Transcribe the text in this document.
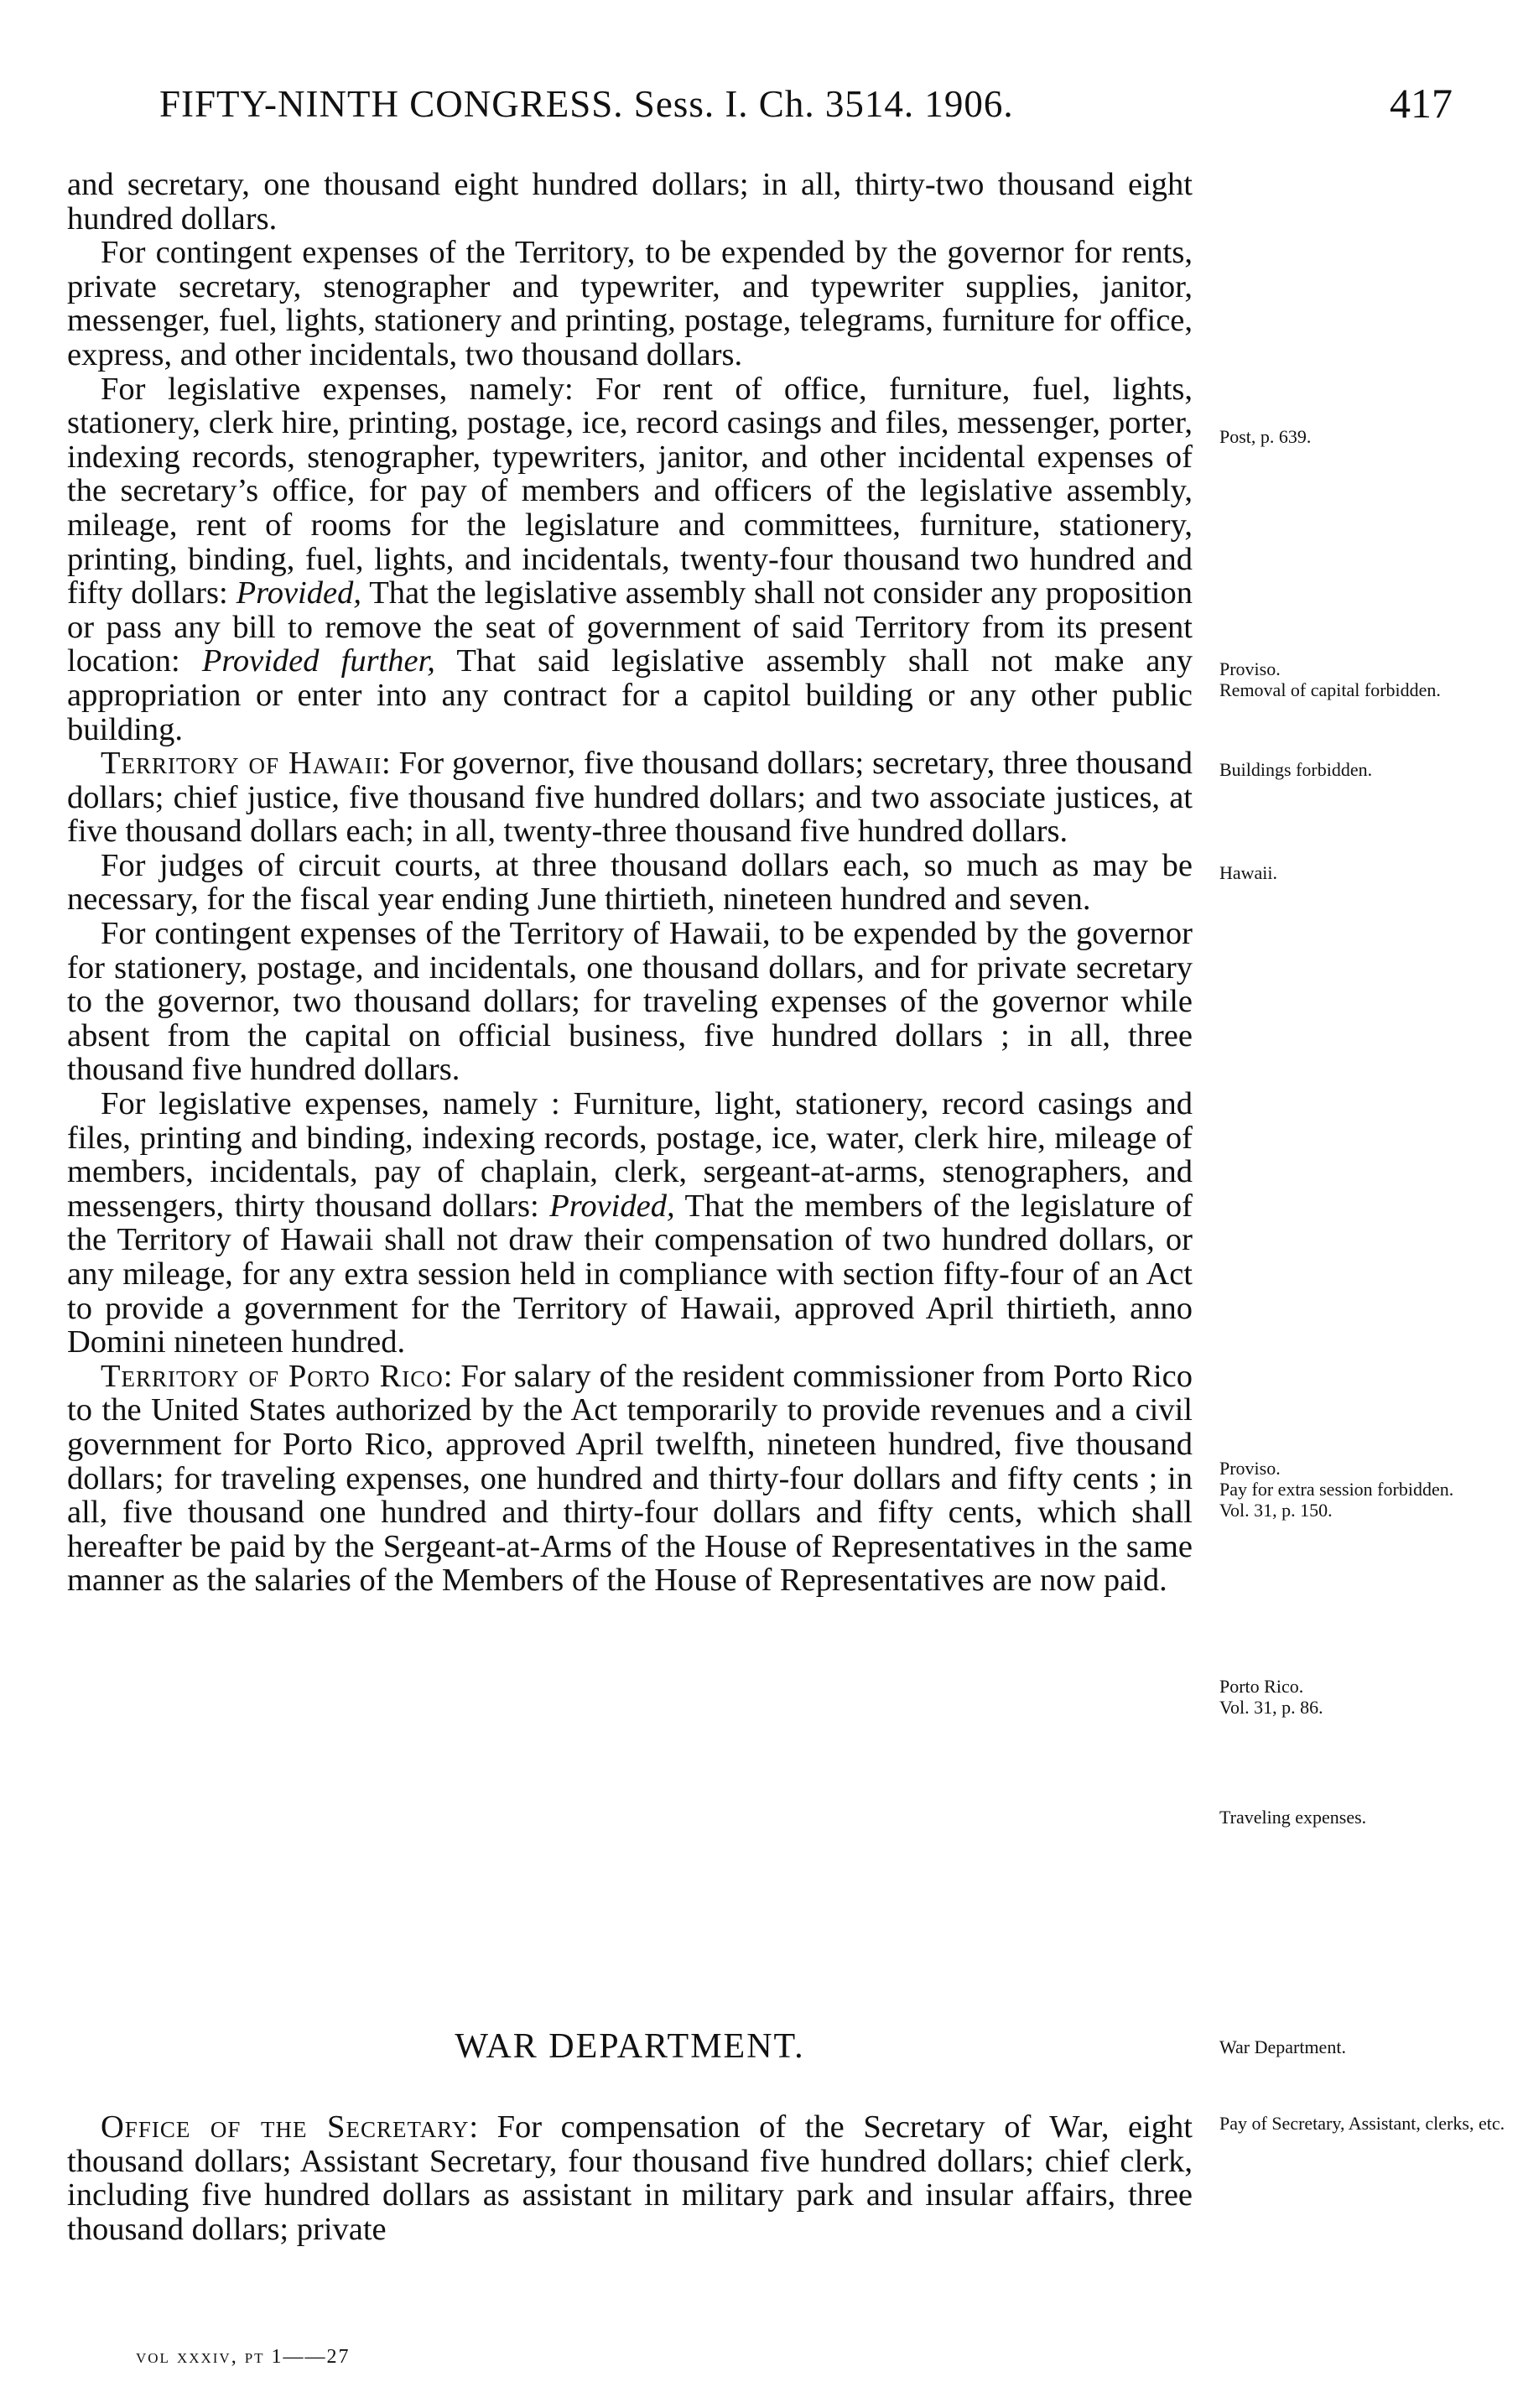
FIFTY-NINTH CONGRESS. Sess. I. Ch. 3514. 1906.	417

and secretary, one thousand eight hundred dollars; in all, thirty-two thousand eight hundred dollars.

For contingent expenses of the Territory, to be expended by the governor for rents, private secretary, stenographer and typewriter, and typewriter supplies, janitor, messenger, fuel, lights, stationery and printing, postage, telegrams, furniture for office, express, and other incidentals, two thousand dollars.

For legislative expenses, namely: For rent of office, furniture, fuel, lights, stationery, clerk hire, printing, postage, ice, record casings and files, messenger, porter, indexing records, stenographer, typewriters, janitor, and other incidental expenses of the secretary’s office, for pay of members and officers of the legislative assembly, mileage, rent of rooms for the legislature and committees, furniture, stationery, printing, binding, fuel, lights, and incidentals, twenty-four thousand two hundred and fifty dollars: Provided, That the legislative assembly shall not consider any proposition or pass any bill to remove the seat of government of said Territory from its present location: Provided further, That said legislative assembly shall not make any appropriation or enter into any contract for a capitol building or any other public building.

Territory of Hawaii: For governor, five thousand dollars; secretary, three thousand dollars; chief justice, five thousand five hundred dollars; and two associate justices, at five thousand dollars each; in all, twenty-three thousand five hundred dollars.

For judges of circuit courts, at three thousand dollars each, so much as may be necessary, for the fiscal year ending June thirtieth, nineteen hundred and seven.

For contingent expenses of the Territory of Hawaii, to be expended by the governor for stationery, postage, and incidentals, one thousand dollars, and for private secretary to the governor, two thousand dollars; for traveling expenses of the governor while absent from the capital on official business, five hundred dollars ; in all, three thousand five hundred dollars.

For legislative expenses, namely : Furniture, light, stationery, record casings and files, printing and binding, indexing records, postage, ice, water, clerk hire, mileage of members, incidentals, pay of chaplain, clerk, sergeant-at-arms, stenographers, and messengers, thirty thousand dollars: Provided, That the members of the legislature of the Territory of Hawaii shall not draw their compensation of two hundred dollars, or any mileage, for any extra session held in compliance with section fifty-four of an Act to provide a government for the Territory of Hawaii, approved April thirtieth, anno Domini nineteen hundred.

Territory of Porto Rico: For salary of the resident commissioner from Porto Rico to the United States authorized by the Act temporarily to provide revenues and a civil government for Porto Rico, approved April twelfth, nineteen hundred, five thousand dollars; for traveling expenses, one hundred and thirty-four dollars and fifty cents ; in all, five thousand one hundred and thirty-four dollars and fifty cents, which shall hereafter be paid by the Sergeant-at-Arms of the House of Representatives in the same manner as the salaries of the Members of the House of Representatives are now paid.

WAR DEPARTMENT.

Office of the Secretary: For compensation of the Secretary of War, eight thousand dollars; Assistant Secretary, four thousand five hundred dollars; chief clerk, including five hundred dollars as assistant in military park and insular affairs, three thousand dollars; private

Post, p. 639.
Proviso.
Removal of capital forbidden.
Buildings forbidden.
Hawaii.
Proviso.
Pay for extra session forbidden.
Vol. 31, p. 150.
Porto Rico.
Vol. 31, p. 86.
Traveling expenses.
War Department.
Pay of Secretary, Assistant, clerks, etc.
vol xxxiv, pt 1——27
